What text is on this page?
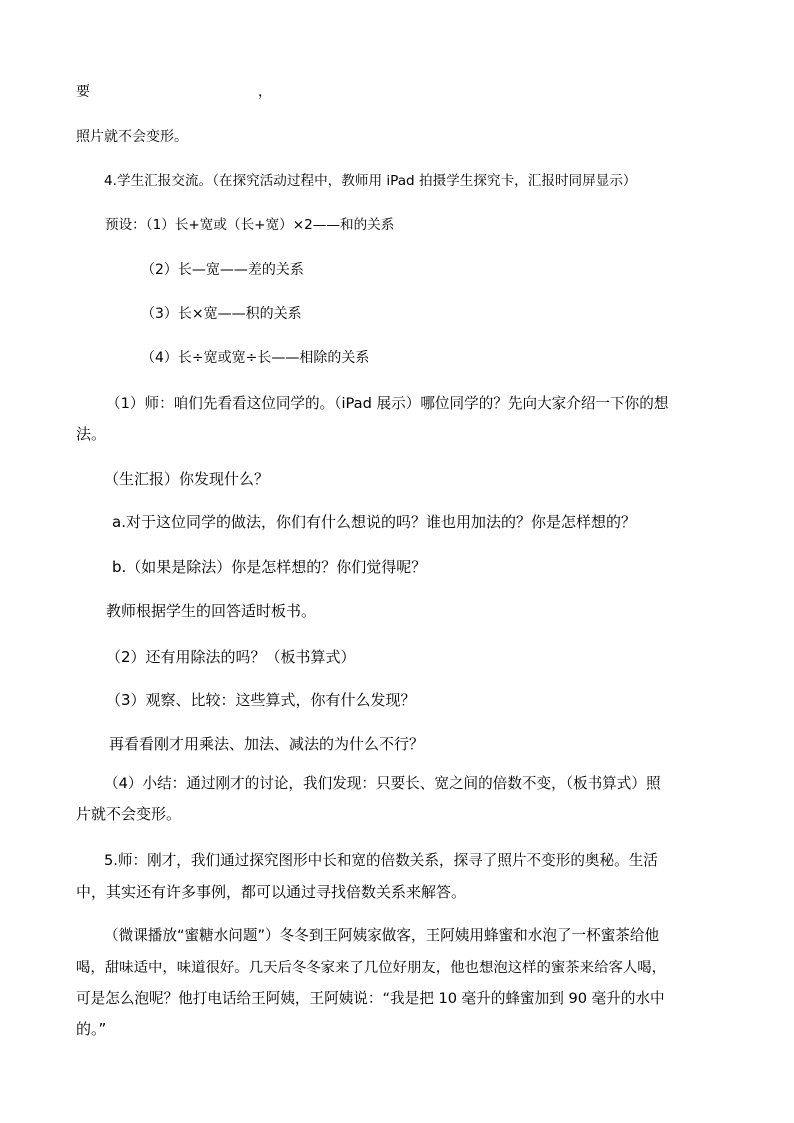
要	，
照片就不会变形。
4.学生汇报交流。（在探究活动过程中，教师用 iPad 拍摄学生探究卡，汇报时同屏显示）
预设：（1）长+宽或（长+宽）×2——和的关系
（2）长—宽——差的关系
（3）长×宽——积的关系
（4）长÷宽或宽÷长——相除的关系
（1）师：咱们先看看这位同学的。（iPad 展示）哪位同学的？先向大家介绍一下你的想
法。
（生汇报）你发现什么？
a.对于这位同学的做法，你们有什么想说的吗？谁也用加法的？你是怎样想的？
b.（如果是除法）你是怎样想的？你们觉得呢？
教师根据学生的回答适时板书。
（2）还有用除法的吗？（板书算式）
（3）观察、比较：这些算式，你有什么发现？
再看看刚才用乘法、加法、减法的为什么不行？
（4）小结：通过刚才的讨论，我们发现：只要长、宽之间的倍数不变，（板书算式）照
片就不会变形。
5.师：刚才，我们通过探究图形中长和宽的倍数关系，探寻了照片不变形的奥秘。生活
中，其实还有许多事例，都可以通过寻找倍数关系来解答。
（微课播放“蜜糖水问题”）冬冬到王阿姨家做客，王阿姨用蜂蜜和水泡了一杯蜜茶给他
喝，甜味适中，味道很好。几天后冬冬家来了几位好朋友，他也想泡这样的蜜茶来给客人喝，
可是怎么泡呢？他打电话给王阿姨，王阿姨说：“我是把 10 毫升的蜂蜜加到 90 毫升的水中
的。”
